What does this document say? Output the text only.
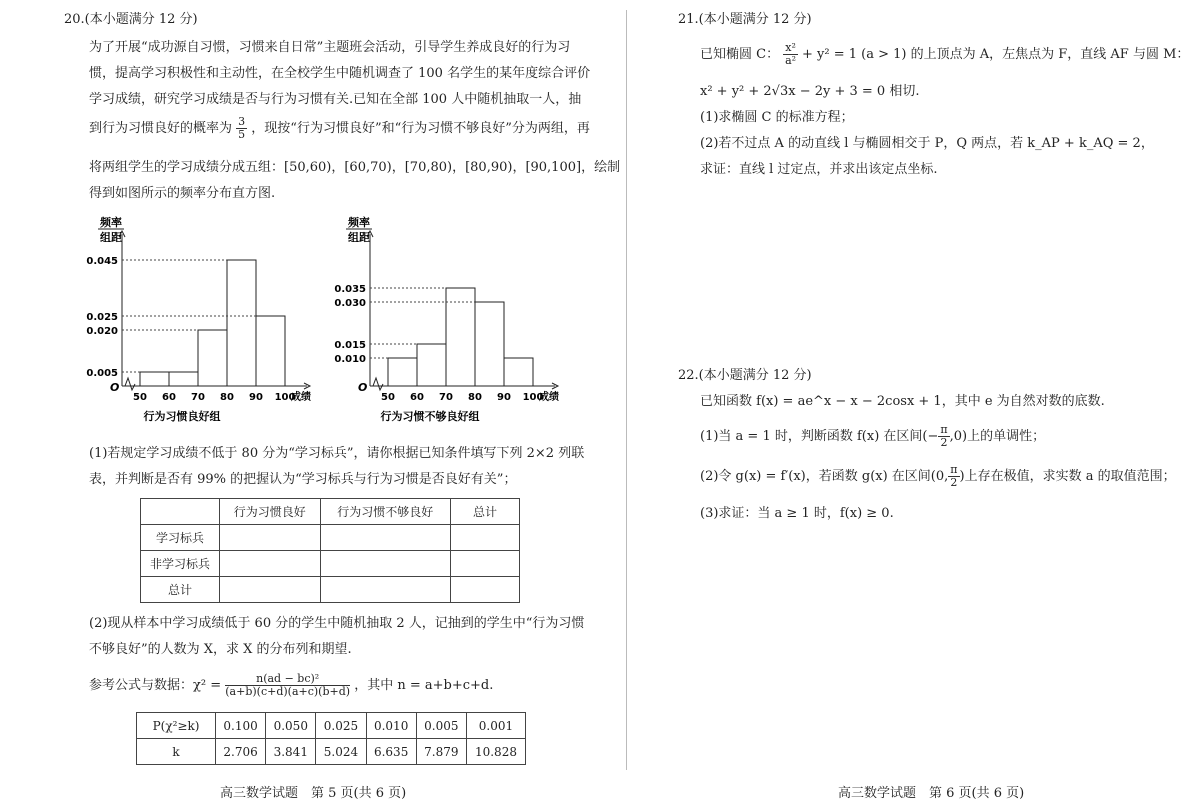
20.(本小题满分 12 分)
为了开展“成功源自习惯，习惯来自日常”主题班会活动，引导学生养成良好的行为习
惯，提高学习积极性和主动性，在全校学生中随机调查了 100 名学生的某年度综合评价
学习成绩，研究学习成绩是否与行为习惯有关.已知在全部 100 人中随机抽取一人，抽
到行为习惯良好的概率为 $\frac{3}{5}$ ，现按“行为习惯良好”和“行为习惯不够良好”分为两组，再
将两组学生的学习成绩分成五组：[50,60)，[60,70)，[70,80)，[80,90)，[90,100]，绘制
得到如图所示的频率分布直方图.
频率
组距
O
0.005
0.020
0.025
0.045
50 60 70 80 90 100
成绩
行为习惯良好组
频率
组距
O
0.010
0.015
0.030
0.035
50 60 70 80 90 100
成绩
行为习惯不够良好组
(1)若规定学习成绩不低于 80 分为“学习标兵”，请你根据已知条件填写下列 2×2 列联
表，并判断是否有 99% 的把握认为“学习标兵与行为习惯是否良好有关”；
	行为习惯良好	行为习惯不够良好	总计
学习标兵			
非学习标兵			
总计			
(2)现从样本中学习成绩低于 60 分的学生中随机抽取 2 人，记抽到的学生中“行为习惯
不够良好”的人数为 X，求 X 的分布列和期望.
参考公式与数据：$\chi^2 = \frac{\text{n(ad − bc)²}}{(a+b)(c+d)(a+c)(b+d)}$ ，其中 n = a+b+c+d.
P(χ²≥k)	0.100	0.050	0.025	0.010	0.005	0.001
k	2.706	3.841	5.024	6.635	7.879	10.828
高三数学试题　第 5 页(共 6 页)
21.(本小题满分 12 分)
已知椭圆 C： $\frac{\text{x²}}{\text{a²}} + y^2 = 1$ (a > 1) 的上顶点为 A，左焦点为 F，直线 AF 与圆 M：
x² + y² + 2√3x − 2y + 3 = 0 相切.
(1)求椭圆 C 的标准方程；
(2)若不过点 A 的动直线 l 与椭圆相交于 P，Q 两点，若 k_AP + k_AQ = 2，
求证：直线 l 过定点，并求出该定点坐标.
22.(本小题满分 12 分)
已知函数 f(x) = ae^x − x − 2cosx + 1，其中 e 为自然对数的底数.
(1)当 a = 1 时，判断函数 f(x) 在区间(− $\frac{\pi}{2} ,0$)上的单调性；
(2)令 g(x) = f′(x)，若函数 g(x) 在区间(0, $\frac{\pi}{2}$ )上存在极值，求实数 a 的取值范围；
(3)求证：当 a ≥ 1 时，f(x) ≥ 0.
高三数学试题　第 6 页(共 6 页)
